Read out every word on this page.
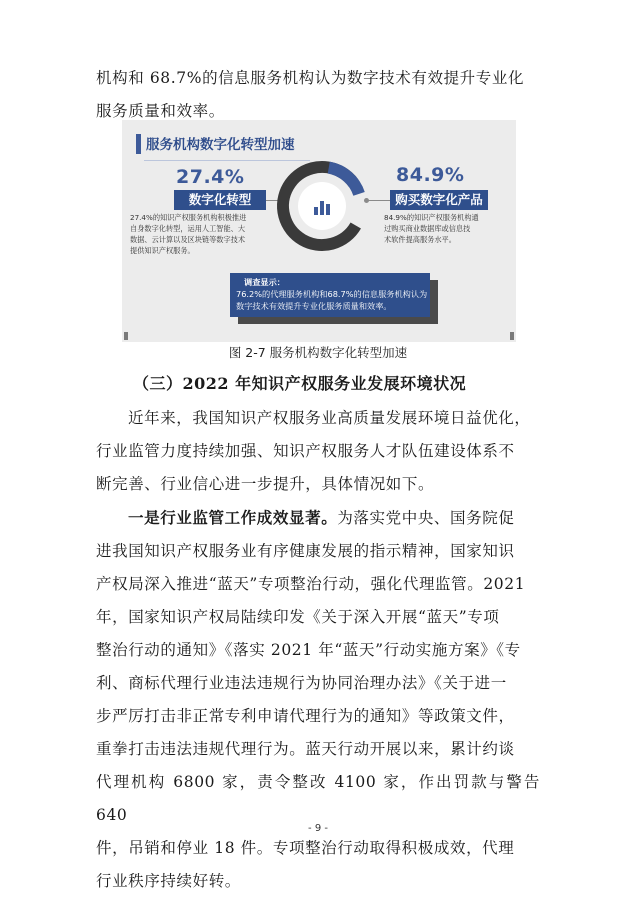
机构和 68.7%的信息服务机构认为数字技术有效提升专业化
服务质量和效率。
服务机构数字化转型加速
27.4%
数字化转型
27.4%的知识产权服务机构积极推进
自身数字化转型，运用人工智能、大
数据、云计算以及区块链等数字技术
提供知识产权服务。
84.9%
购买数字化产品
84.9%的知识产权服务机构通
过购买商业数据库或信息技
术软件提高服务水平。
调查显示：
76.2%的代理服务机构和68.7%的信息服务机构认为
数字技术有效提升专业化服务质量和效率。
图 2-7 服务机构数字化转型加速
（三）2022 年知识产权服务业发展环境状况
近年来，我国知识产权服务业高质量发展环境日益优化，
行业监管力度持续加强、知识产权服务人才队伍建设体系不
断完善、行业信心进一步提升，具体情况如下。
一是行业监管工作成效显著。为落实党中央、国务院促
进我国知识产权服务业有序健康发展的指示精神，国家知识
产权局深入推进“蓝天”专项整治行动，强化代理监管。2021
年，国家知识产权局陆续印发《关于深入开展“蓝天”专项
整治行动的通知》《落实 2021 年“蓝天”行动实施方案》《专
利、商标代理行业违法违规行为协同治理办法》《关于进一
步严厉打击非正常专利申请代理行为的通知》等政策文件，
重拳打击违法违规代理行为。蓝天行动开展以来，累计约谈
代理机构 6800 家，责令整改 4100 家，作出罚款与警告 640
件，吊销和停业 18 件。专项整治行动取得积极成效，代理
行业秩序持续好转。
- 9 -
